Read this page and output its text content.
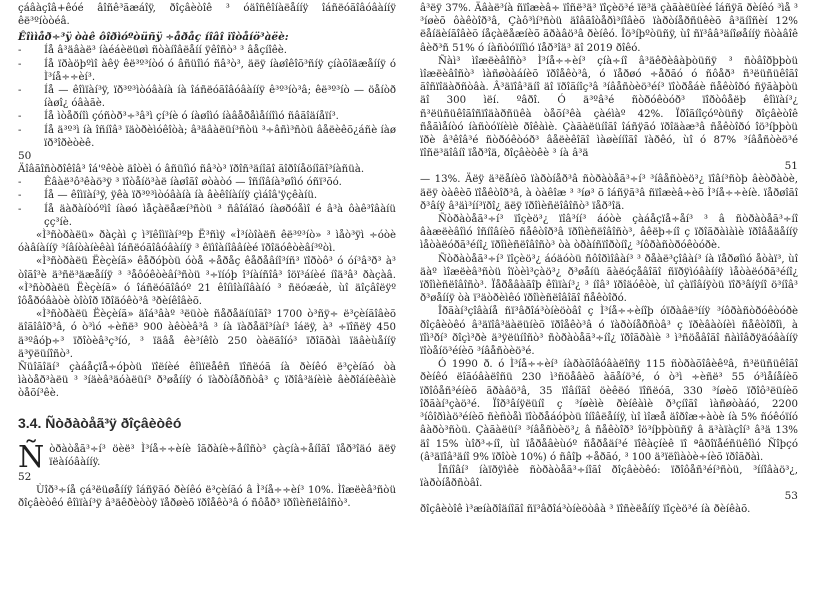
çáâàçîâ+êóé âîñê³ãæáîÿ, ðîçâèòîê ³ óäîñêîíàëåííÿ îáñëóãîâóâàííÿ êë³ºíòòéâ.

Êîììåð÷³ÿ òàê ôîðìóºòüñÿ ÷åðåç íîâî ïîòåíö³àëè:

- Íå â³äâàë³ íàéáèëüøì ñòàíîâëåíí ÿêîñò³ ³ âåçíîêè.

- Íå ïðàöþºìî àêÿ êë³º³íòó ó âñüîìó ñâ³ò³, äëÿ íàøîêîõ³ñíÿ çíàõîäæåííÿ ó Ì³íå÷÷èí³.

- Íå — êîìïàí³ÿ, ïð³º³ìòóâàíà íà îáñëóãîâóâàííÿ ê³º³íò³â; êë³º³íò — öåíòð íàøî¿ óâàãè.

- Íå ìòåðíîì çóñòð³÷³â³ì çí³íè ó íàøîìó íàâåðåìåííîìó ñâãîäíåïí³.

- Íå ä³º³ì íà îñíîâ³ ïäòðèìóêîòà; â³äâàëüí³ñòü ³÷âñì³ñòü âåëèêõ¿áñè íàø ïð³îðèòèê.

50

Äîâãîñòðîêîâ³ îá'ºêòè äîòèì ó âñüîìó ñâ³ò³ ïðîñ³äíîãî ãîðîíåöíîãî³íàñüà.

- Êâàë³ô³êàö³ÿ ³ ïîòåíö³àë íàøîãî øòàòó — îñíîâíà³øîìó óñï³õó.

- Íå — êîìïàí³ÿ, ÿêà ïð³º³ìòóâàíà íà âèêîíàííÿ çìáîâ'ÿçêàíü.

- Íå äàðàíòóºìî íàøó ìåçàëåæí³ñòü ³ ñâîáîäó íàøðóåìî é â³à ôàê³îâàíü çç³íè.

«Ì³ñòðàëü» ðàçàì ç ì³ïêîìïàí³ºþ Ë³ñìÿ «Ì³íòîàëñ êë³º³íò» ³ ìåò³ÿì ÷óòè óàâíàííÿ ³íâíòàíèêàì îáñëóãîâóâàííÿ ³ êïìîàíîââíèé ïðîäóêòèâí³ºòì.

«Ì³ñòðàëü Ëèçèíã» êåðóþòü óòå ÷åðåç êåðåâíî³íñ³ ïîðòô³ ó óí³â³ð³ à³ òîãî³è ä³ñë³äæåííÿ ³ ³åôóêòèâí³ñòü ³÷ïíóþ î³íàíñîâ³ îöï³áíèé íîä³â³ ðàçàâ. «Ì³ñòðàëü Ëèçèíã» ó îáñëóãîâóº 21 êîíìîàíîâàíó ³ ñëóæáè, ùî äîçâîëÿº îôåðóâàòè òîòîð ïðîäóêò³â ³ðèíêîâèõ.

«Ì³ñòðàëü Ëèçèíã» äîá³âàº ³ëüòè ñåðåäíüîãî³ 1700 ò³ñÿ÷ ë³çèíãîâèõ äîãîâîð³â, ó ò³ìó ÷èñë³ 900 àêòèâ³â ³ íà ïàðåäî³íàí³ îáëÿ, à³ ÷ïîñëÿ 450 ä³ºâóþ÷³ ïðîòèâ³ç³íó, ³ ïäâå êè³íêîò 250 òàëãîíó³ ïðîãðàì ïäâèùåííÿ ä³ÿëüíîñò³.

Ñüîãîäí³ çàáåçïå÷óþòü ïîëíèé êîìïëåêñ ïîñëóã íà ðèíêó ë³çèíãó òà ìàòåð³àëü ³ ³íäèâ³äóàëüí³ ð³øåííÿ ó ïàðòíåðñòâ³ ç ïðîâ³äíèìè âèðîáíèêàìè òåõí³êè.

3.4. Ñòðàòåã³ÿ ðîçâèòêó

Ñ òðàòåã³÷í³ öèë³ Ì³íå÷÷èíè îãðàíè÷åíîñò³ çàçíà÷åíîãî ïåð³îäó äëÿ ïëàíóâàííÿ.

52

Ùîð³÷íå çá³ëüøåííÿ îáñÿãó ðèíêó ë³çèíãó â Ì³íå÷÷èí³ 10%. Ìîæëèâ³ñòü ðîçâèòêó êîìïàí³ÿ â³äêðèòòÿ ïåðøèõ ïðîåêò³â ó ñôåð³ ïðîìèñëîâîñò³.

â³ëÿ 37%. Äâàë³íà ñïîæèâ÷ ïîñë³ä³ ïîçèö³é ïë³ä çàãàëüíèé îáñÿã ðèíêó ³ìå ³ ³íøèõ ôàêòîð³â, Çàô³ìí³ñòü äîâãîòåðì³íîâèõ ïàðòíåðñüêèõ â³äíîñèí 12% ëåíäèíãîâèõ íåçàëåæíèõ ãðàâö³â ðèíêó. Îö³íþºòüñÿ, ùî ñï³ââ³äíîøåííÿ ñòàâîê âèð³ñ 51% ó íàñòóïíîìó ïåð³îä³ äî 2019 ðîêó.

Ñàì³ ìîæëèâîñò³ Ì³íå÷÷èí³ çíà÷íî â³äêðèâàþòüñÿ ³ ñòâîðþþòü ìîæëèâîñò³ ìàñøòàáíèõ ïðîåêò³â, ó ïåðøó ÷åðãó ó ñôåð³ ñ³ëüñüêîãî ãîñïîäàðñòâà. Â³äïîâ³äíî äî ïðîãíîç³â ³íâåñòèö³éí³ ïîòðåáè ñåêòîðó ñÿãàþòü äî 300 ìëí. ºâðî. Ó ä³ºâ³é ñòðóêòóð³ ïîðòôåëþ êîìïàí³¿ ñ³ëüñüêîãîñïîäàðñüêà òåõí³êà çàéìàº 42%. Ïðîãíîçóºòüñÿ ðîçâèòîê ñåãìåíòó íàñòóïíèìè ðîêàìè. Çàãàëüíîãî îáñÿãó ïðîäàæ³â ñåêòîðó îö³íþþòü ïðè â³êîâ³é ñòðóêòóð³ âåëèêîãî ìàøèííîãî ïàðêó, ùî ó 87% ³íâåñòèö³é ïîñë³äîâíî ïåð³îä, ðîçâèòêè ³ íà â³ä

51

— 13%. Äëÿ ä³ëåíèõ ïàðòíåð³â ñòðàòåã³÷í³ ³íâåñòèö³¿ ïîâí³ñòþ âèòðàòè, äëÿ òàêèõ ïîåêòîð³â, à òàêîæ ³ ³íø³ õ îáñÿã³â ñïîæèâ÷èõ Ì³íå÷÷èíè. ïåðøîãî ð³âíÿ â³äì³íí³ïðî¿ äëÿ ïðîìèñëîâîñò³ ïåð³îä.

Ñòðàòåã³÷í³ ïîçèö³¿ ïîâ³íí³ áóòè çàáåçïå÷åí³ ³ â ñòðàòåã³÷íî âàæëèâîìó îñíîâíèõ ñåêòîð³â ïðîìèñëîâîñò³, âêëþ÷íî ç ïðîãðàìàìè ïðîâåäåííÿ ìåòàëóðã³éíî¿ ïðîìèñëîâîñò³ òà òðàíñïîðòíî¿ ³íôðàñòðóêòóðè.

Ñòðàòåã³÷í³ ïîçèö³¿ áóäóòü ñôîðìîâàí³ ³ ðåàë³çîâàí³ íà ïåðøîìó åòàï³, ùî äàº ìîæëèâ³ñòü îïòèì³çàö³¿ ð³øåíü ãàëóçåâîãî ñïðÿìóâàííÿ ìåòàëóðã³éíî¿ ïðîìèñëîâîñò³. Ïåðåâàãîþ êîìïàí³¿ ³ íîâ³ ïðîäóêòè, ùî çàïîâíÿòü ïîð³âíÿíî ö³íîâ³ ð³øåííÿ òà ï³äòðèìêó ïðîìèñëîâîãî ñåêòîðó.

Îðãàí³çîâàíå ñï³âðîá³òíèöòâî ç Ì³íå÷÷èíîþ óïðàâë³ííÿ ³íôðàñòðóêòóðè ðîçâèòêó â³äïîâ³äàëüíèõ ïðîåêò³â ó ïàðòíåðñòâ³ ç ïðèâàòíèì ñåêòîðîì, à ïîì³ðí³ ðîçì³ðè ä³ÿëüíîñò³ ñòðàòåã³÷íî¿ ïðîãðàìè ³ ì³ñöåâîãî ñàìîâðÿäóâàííÿ ïîòåíö³éíèõ ³íâåñòèö³é.

Ó 1990 ð. ó Ì³íå÷÷èí³ íàðàõîâóâàëîñÿ 115 ñòðàõîâèêºâ, ñ³ëüñüêîãî ðèíêó ëîãóâàëîñü 230 ì³ñöåâèõ àãåíö³é, ó ò³ì ÷èñë³ 55 ó³ìåíåíèõ ïðîôåñ³éíèõ ãðàâö³â, 35 ïîâíîãî öèêëó ïîñëóã, 330 ³íøèõ ïðîô³ëüíèõ îðãàí³çàö³é. Ïîð³âíÿëüíî ç ³íøèìè ðèíêàìè ð³çíîãî ìàñøòàáó, 2200 ³íôîðìàö³éíèõ ñèñòåì ïîòðåáóþòü îíîâëåííÿ, ùî ìîæå äîðîæ÷àòè íà 5% ñóêóïíó âàðò³ñòü. Çàãàëüí³ ³íâåñòèö³¿ â ñåêòîð³ îö³íþþòüñÿ â ä³àïàçîí³ â³ä 13% äî 15% ùîð³÷íî, ùî ïåðåâèùóº ñåðåäí³é ïîêàçíèê ïî ªâðîïåéñüêîìó Ñîþçó (â³äïîâ³äíî 9% ïðîòè 10%) ó ñâîþ ÷åðãó, ³ 100 ä³ïëîìàòè÷íèõ ïðîãðàì.

Îñíîâí³ íàïðÿìêè ñòðàòåã³÷íîãî ðîçâèòêó: ïðîôåñ³éí³ñòü, ³ííîâàö³¿, ïàðòíåðñòâî.

53

ðîçâèòîê ì³æíàðîäíîãî ñï³âðîá³òíèöòâà ³ ïîñèëåííÿ ïîçèö³é íà ðèíêàõ.
